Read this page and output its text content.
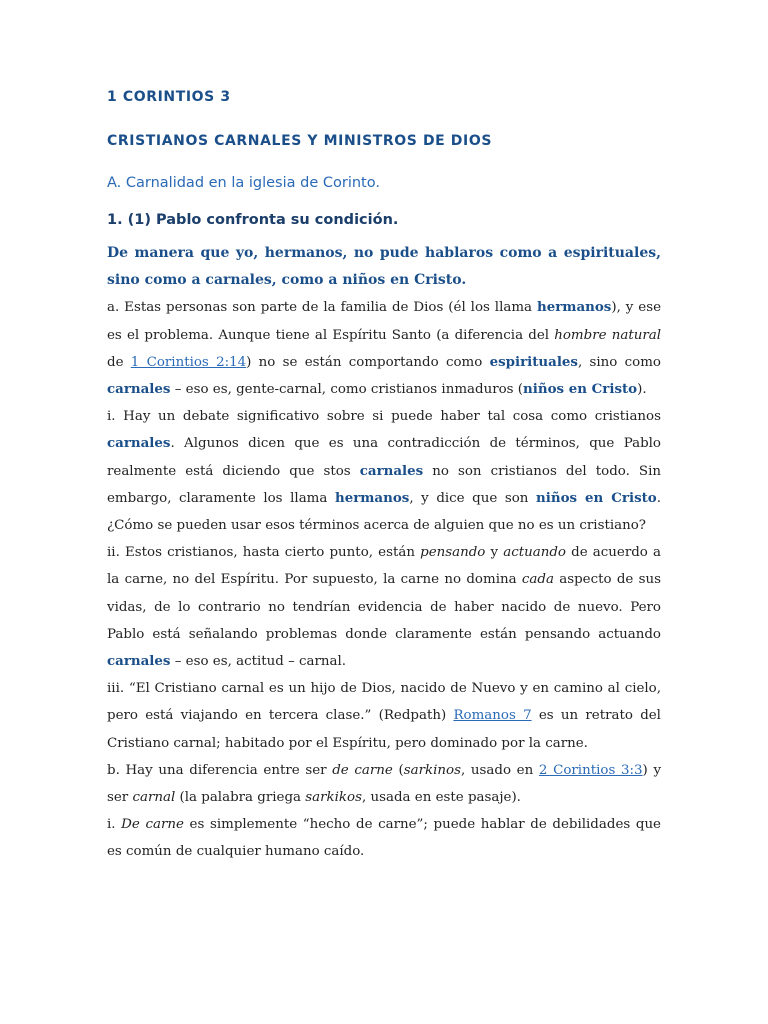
1 CORINTIOS 3
CRISTIANOS CARNALES Y MINISTROS DE DIOS
A. Carnalidad en la iglesia de Corinto.
1. (1) Pablo confronta su condición.

De manera que yo, hermanos, no pude hablaros como a espirituales, sino como a carnales, como a niños en Cristo.

a. Estas personas son parte de la familia de Dios (él los llama hermanos), y ese es el problema. Aunque tiene al Espíritu Santo (a diferencia del hombre natural de 1 Corintios 2:14) no se están comportando como espirituales, sino como carnales – eso es, gente-carnal, como cristianos inmaduros (niños en Cristo).

i. Hay un debate significativo sobre si puede haber tal cosa como cristianos carnales. Algunos dicen que es una contradicción de términos, que Pablo realmente está diciendo que stos carnales no son cristianos del todo. Sin embargo, claramente los llama hermanos, y dice que son niños en Cristo. ¿Cómo se pueden usar esos términos acerca de alguien que no es un cristiano?

ii. Estos cristianos, hasta cierto punto, están pensando y actuando de acuerdo a la carne, no del Espíritu. Por supuesto, la carne no domina cada aspecto de sus vidas, de lo contrario no tendrían evidencia de haber nacido de nuevo. Pero Pablo está señalando problemas donde claramente están pensando actuando carnales – eso es, actitud – carnal.

iii. “El Cristiano carnal es un hijo de Dios, nacido de Nuevo y en camino al cielo, pero está viajando en tercera clase.” (Redpath) Romanos 7 es un retrato del Cristiano carnal; habitado por el Espíritu, pero dominado por la carne.

b. Hay una diferencia entre ser de carne (sarkinos, usado en 2 Corintios 3:3) y ser carnal (la palabra griega sarkikos, usada en este pasaje).

i. De carne es simplemente “hecho de carne”; puede hablar de debilidades que es común de cualquier humano caído.
